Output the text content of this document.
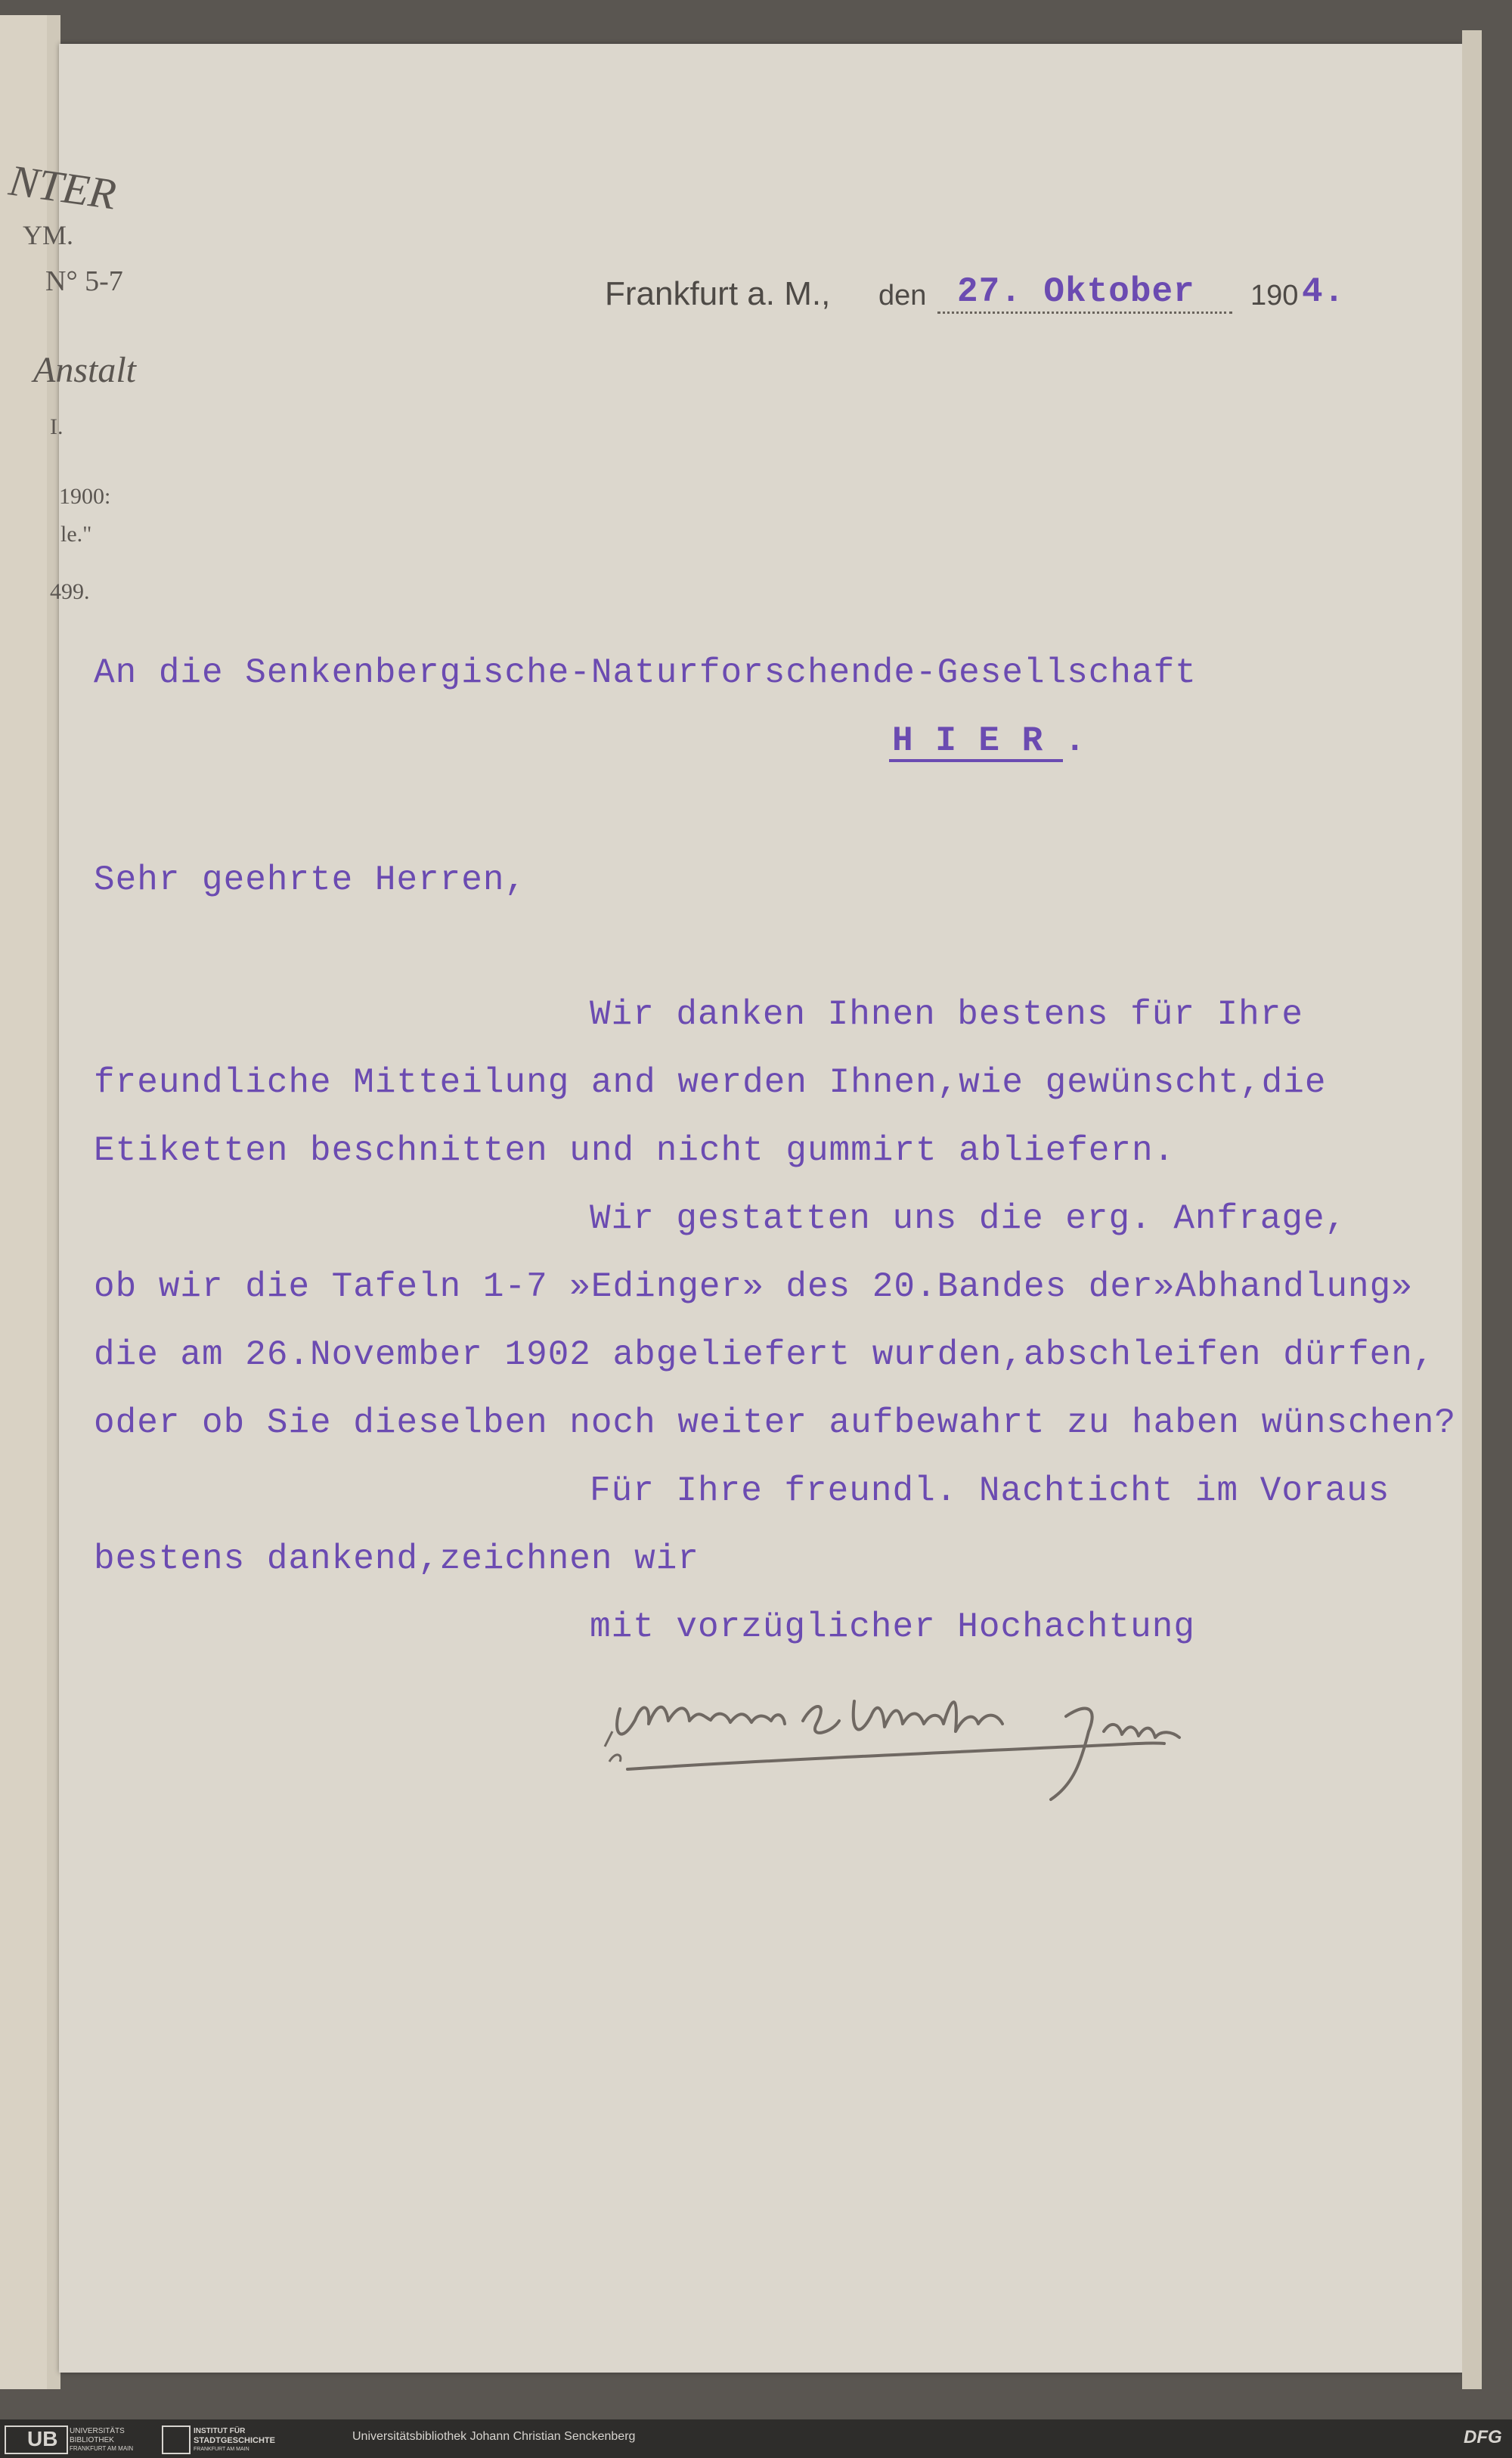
NTER
YM.
N° 5-7
Anstalt
I.
1900:
le."
499.
Frankfurt a. M., den 27. Oktober 190 4.
An die Senkenbergische-Naturforschende-Gesellschaft
H I E R .
Sehr geehrte Herren,
Wir danken Ihnen bestens für Ihre
freundliche Mitteilung and werden Ihnen,wie gewünscht,die
Etiketten beschnitten und nicht gummirt abliefern.
Wir gestatten uns die erg. Anfrage,
ob wir die Tafeln 1-7 »Edinger» des 20.Bandes der»Abhandlung»
die am 26.November 1902 abgeliefert wurden,abschleifen dürfen,
oder ob Sie dieselben noch weiter aufbewahrt zu haben wünschen?
Für Ihre freundl. Nachticht im Voraus
bestens dankend,zeichnen wir
mit vorzüglicher Hochachtung
UB UNIVERSITÄTS
BIBLIOTHEK
FRANKFURT AM MAIN
INSTITUT FÜR
STADTGESCHICHTE
FRANKFURT AM MAIN
Universitätsbibliothek Johann Christian Senckenberg	DFG
